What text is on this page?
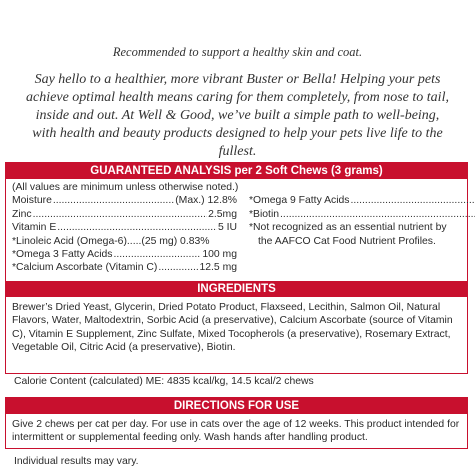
Recommended to support a healthy skin and coat.
Say hello to a healthier, more vibrant Buster or Bella! Helping your pets achieve optimal health means caring for them completely, from nose to tail, inside and out. At Well & Good, we’ve built a simple path to well-being, with health and beauty products designed to help your pets live life to the fullest.
GUARANTEED ANALYSIS per 2 Soft Chews (3 grams)
(All values are minimum unless otherwise noted.)
Moisture .....	(Max.) 12.8%
Zinc .....	2.5mg
Vitamin E .....	5 IU
*Linoleic Acid (Omega-6).....(25 mg) 0.83%
*Omega 3 Fatty Acids .....	100 mg
*Calcium Ascorbate (Vitamin C) .....	12.5 mg
*Omega 9 Fatty Acids
.....
*Biotin
.....
*Not recognized as an essential nutrient by
the AAFCO Cat Food Nutrient Profiles.
INGREDIENTS
Brewer’s Dried Yeast, Glycerin, Dried Potato Product, Flaxseed, Lecithin, Salmon Oil, Natural Flavors, Water, Maltodextrin, Sorbic Acid (a preservative), Calcium Ascorbate (source of Vitamin C), Vitamin E Supplement, Zinc Sulfate, Mixed Tocopherols (a preservative), Rosemary Extract, Vegetable Oil, Citric Acid (a preservative), Biotin.
Calorie Content (calculated) ME: 4835 kcal/kg, 14.5 kcal/2 chews
DIRECTIONS FOR USE
Give 2 chews per cat per day. For use in cats over the age of 12 weeks. This product intended for intermittent or supplemental feeding only. Wash hands after handling product.
Individual results may vary.
